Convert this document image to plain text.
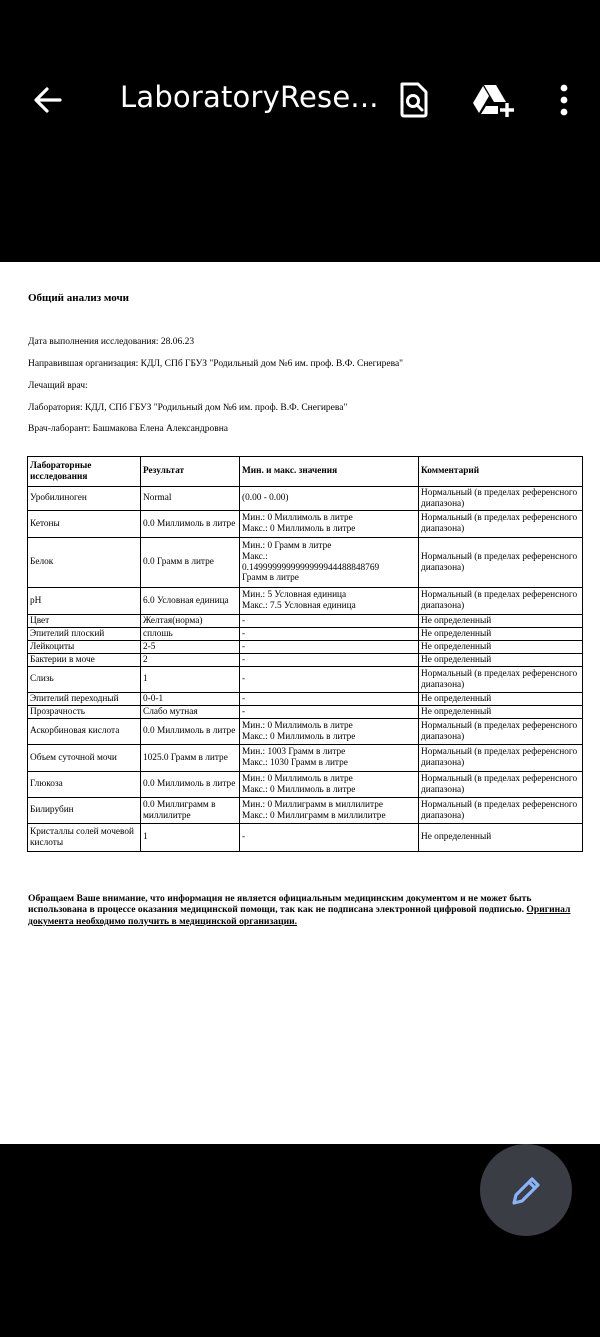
LaboratoryRese...
Общий анализ мочи
Дата выполнения исследования: 28.06.23
Направившая организация: КДЛ, СПб ГБУЗ "Родильный дом №6 им. проф. В.Ф. Снегирева"
Лечащий врач:
Лаборатория: КДЛ, СПб ГБУЗ "Родильный дом №6 им. проф. В.Ф. Снегирева"
Врач-лаборант: Башмакова Елена Александровна
Лабораторные исследования	Результат	Мин. и макс. значения	Комментарий
Уробилиноген	Normal	(0.00 - 0.00)	Нормальный (в пределах референсного диапазона)
Кетоны	0.0 Миллимоль в литре	Мин.: 0 Миллимоль в литре
Макс.: 0 Миллимоль в литре	Нормальный (в пределах референсного диапазона)
Белок	0.0 Грамм в литре	Мин.: 0 Грамм в литре
Макс.:
0.14999999999999999444888487​69
Грамм в литре	Нормальный (в пределах референсного диапазона)
pH	6.0 Условная единица	Мин.: 5 Условная единица
Макс.: 7.5 Условная единица	Нормальный (в пределах референсного диапазона)
Цвет	Желтая(норма)	-	Не определенный
Эпителий плоский	сплошь	-	Не определенный
Лейкоциты	2-5	-	Не определенный
Бактерии в моче	2	-	Не определенный
Слизь	1	-	Нормальный (в пределах референсного диапазона)
Эпителий переходный	0-0-1	-	Не определенный
Прозрачность	Слабо мутная	-	Не определенный
Аскорбиновая кислота	0.0 Миллимоль в литре	Мин.: 0 Миллимоль в литре
Макс.: 0 Миллимоль в литре	Нормальный (в пределах референсного диапазона)
Объем суточной мочи	1025.0 Грамм в литре	Мин.: 1003 Грамм в литре
Макс.: 1030 Грамм в литре	Нормальный (в пределах референсного диапазона)
Глюкоза	0.0 Миллимоль в литре	Мин.: 0 Миллимоль в литре
Макс.: 0 Миллимоль в литре	Нормальный (в пределах референсного диапазона)
Билирубин	0.0 Миллиграмм в миллилитре	Мин.: 0 Миллиграмм в миллилитре
Макс.: 0 Миллиграмм в миллилитре	Нормальный (в пределах референсного диапазона)
Кристаллы солей мочевой кислоты	1	-	Не определенный
Обращаем Ваше внимание, что информация не является официальным медицинским документом и не может быть использована в процессе оказания медицинской помощи, так как не подписана электронной цифровой подписью. Оригинал документа необходимо получить в медицинской организации.
